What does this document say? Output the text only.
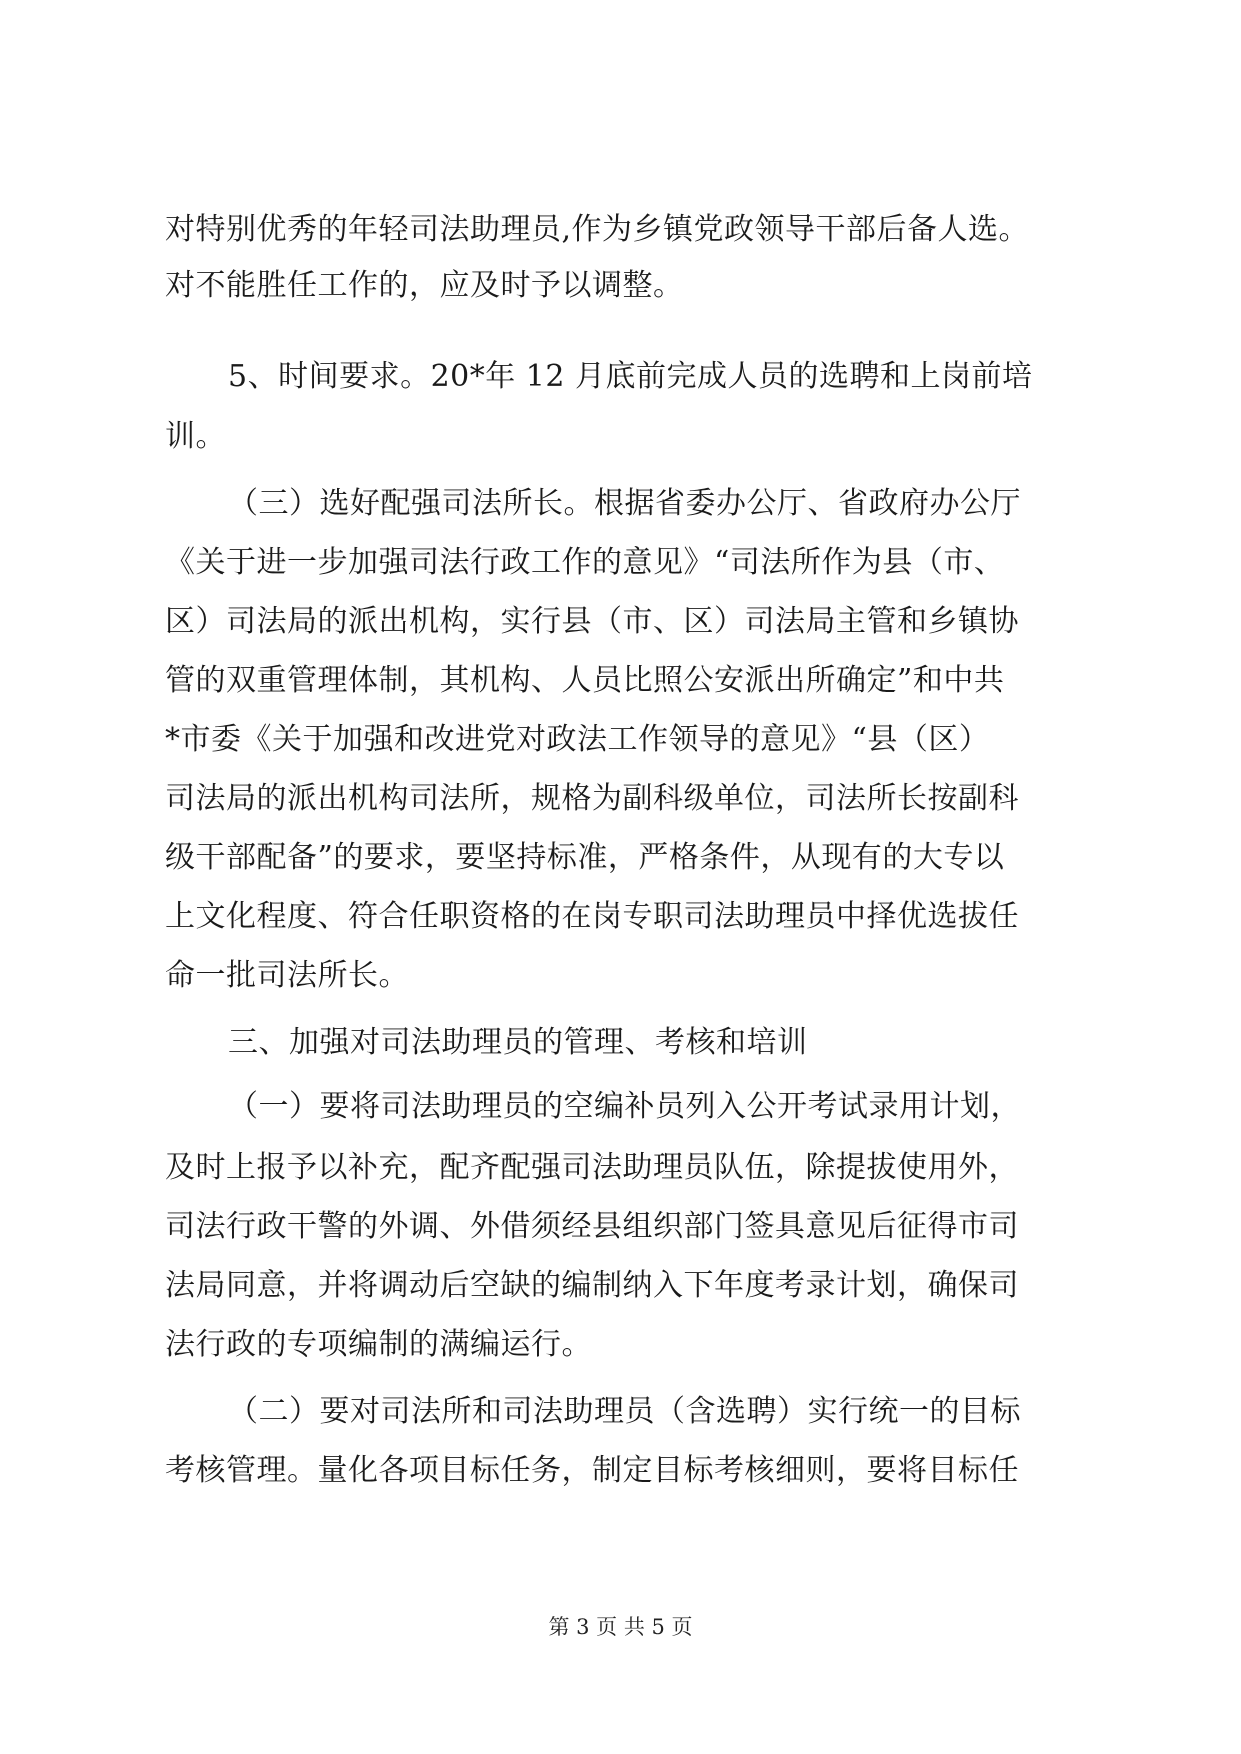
对特别优秀的年轻司法助理员,作为乡镇党政领导干部后备人选。
对不能胜任工作的，应及时予以调整。
5、时间要求。20*年 12 月底前完成人员的选聘和上岗前培
训。
（三）选好配强司法所长。根据省委办公厅、省政府办公厅
《关于进一步加强司法行政工作的意见》“司法所作为县（市、
区）司法局的派出机构，实行县（市、区）司法局主管和乡镇协
管的双重管理体制，其机构、人员比照公安派出所确定”和中共
*市委《关于加强和改进党对政法工作领导的意见》“县（区）
司法局的派出机构司法所，规格为副科级单位，司法所长按副科
级干部配备”的要求，要坚持标准，严格条件，从现有的大专以
上文化程度、符合任职资格的在岗专职司法助理员中择优选拔任
命一批司法所长。
三、加强对司法助理员的管理、考核和培训
（一）要将司法助理员的空编补员列入公开考试录用计划，
及时上报予以补充，配齐配强司法助理员队伍，除提拔使用外，
司法行政干警的外调、外借须经县组织部门签具意见后征得市司
法局同意，并将调动后空缺的编制纳入下年度考录计划，确保司
法行政的专项编制的满编运行。
（二）要对司法所和司法助理员（含选聘）实行统一的目标
考核管理。量化各项目标任务，制定目标考核细则，要将目标任
第 3 页 共 5 页
